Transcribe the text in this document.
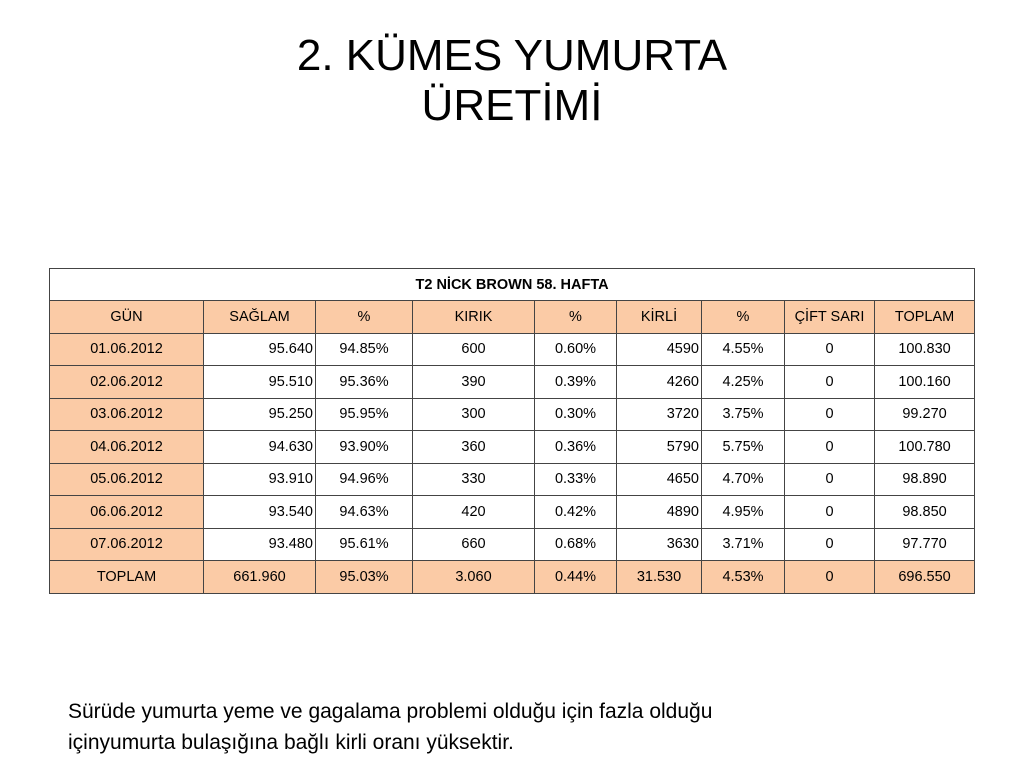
2. KÜMES YUMURTA
ÜRETİMİ
T2 NİCK BROWN 58. HAFTA								
GÜN	SAĞLAM	%	KIRIK	%	KİRLİ	%	ÇİFT SARI	TOPLAM
01.06.2012	95.640	94.85%	600	0.60%	4590	4.55%	0	100.830
02.06.2012	95.510	95.36%	390	0.39%	4260	4.25%	0	100.160
03.06.2012	95.250	95.95%	300	0.30%	3720	3.75%	0	99.270
04.06.2012	94.630	93.90%	360	0.36%	5790	5.75%	0	100.780
05.06.2012	93.910	94.96%	330	0.33%	4650	4.70%	0	98.890
06.06.2012	93.540	94.63%	420	0.42%	4890	4.95%	0	98.850
07.06.2012	93.480	95.61%	660	0.68%	3630	3.71%	0	97.770
TOPLAM	661.960	95.03%	3.060	0.44%	31.530	4.53%	0	696.550
Sürüde yumurta yeme ve gagalama problemi olduğu için fazla olduğu
içinyumurta bulaşığına bağlı kirli oranı yüksektir.
